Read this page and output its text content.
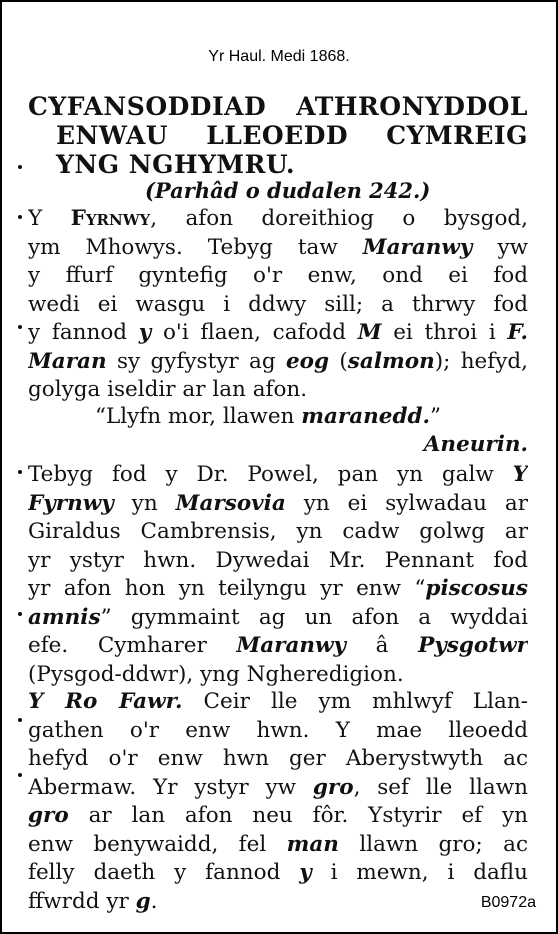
Yr Haul. Medi 1868.
CYFANSODDIAD ATHRONYDDOL
ENWAU LLEOEDD CYMREIG
YNG NGHYMRU.
(Parhâd o dudalen 242.)
Y Fyrnwy, afon doreithiog o bysgod,
ym Mhowys. Tebyg taw Maranwy yw
y ffurf gyntefig o'r enw, ond ei fod
wedi ei wasgu i ddwy sill; a thrwy fod
y fannod y o'i flaen, cafodd M ei throi i F.
Maran sy gyfystyr ag eog (salmon); hefyd,
golyga iseldir ar lan afon.
“Llyfn mor, llawen maranedd.”
Aneurin.
Tebyg fod y Dr. Powel, pan yn galw Y
Fyrnwy yn Marsovia yn ei sylwadau ar
Giraldus Cambrensis, yn cadw golwg ar
yr ystyr hwn. Dywedai Mr. Pennant fod
yr afon hon yn teilyngu yr enw “piscosus
amnis” gymmaint ag un afon a wyddai
efe. Cymharer Maranwy â Pysgotwr
(Pysgod-ddwr), yng Ngheredigion.
Y Ro Fawr. Ceir lle ym mhlwyf Llan-
gathen o'r enw hwn. Y mae lleoedd
hefyd o'r enw hwn ger Aberystwyth ac
Abermaw. Yr ystyr yw gro, sef lle llawn
gro ar lan afon neu fôr. Ystyrir ef yn
enw benywaidd, fel man llawn gro; ac
felly daeth y fannod y i mewn, i daflu
ffwrdd yr g.	B0972a
